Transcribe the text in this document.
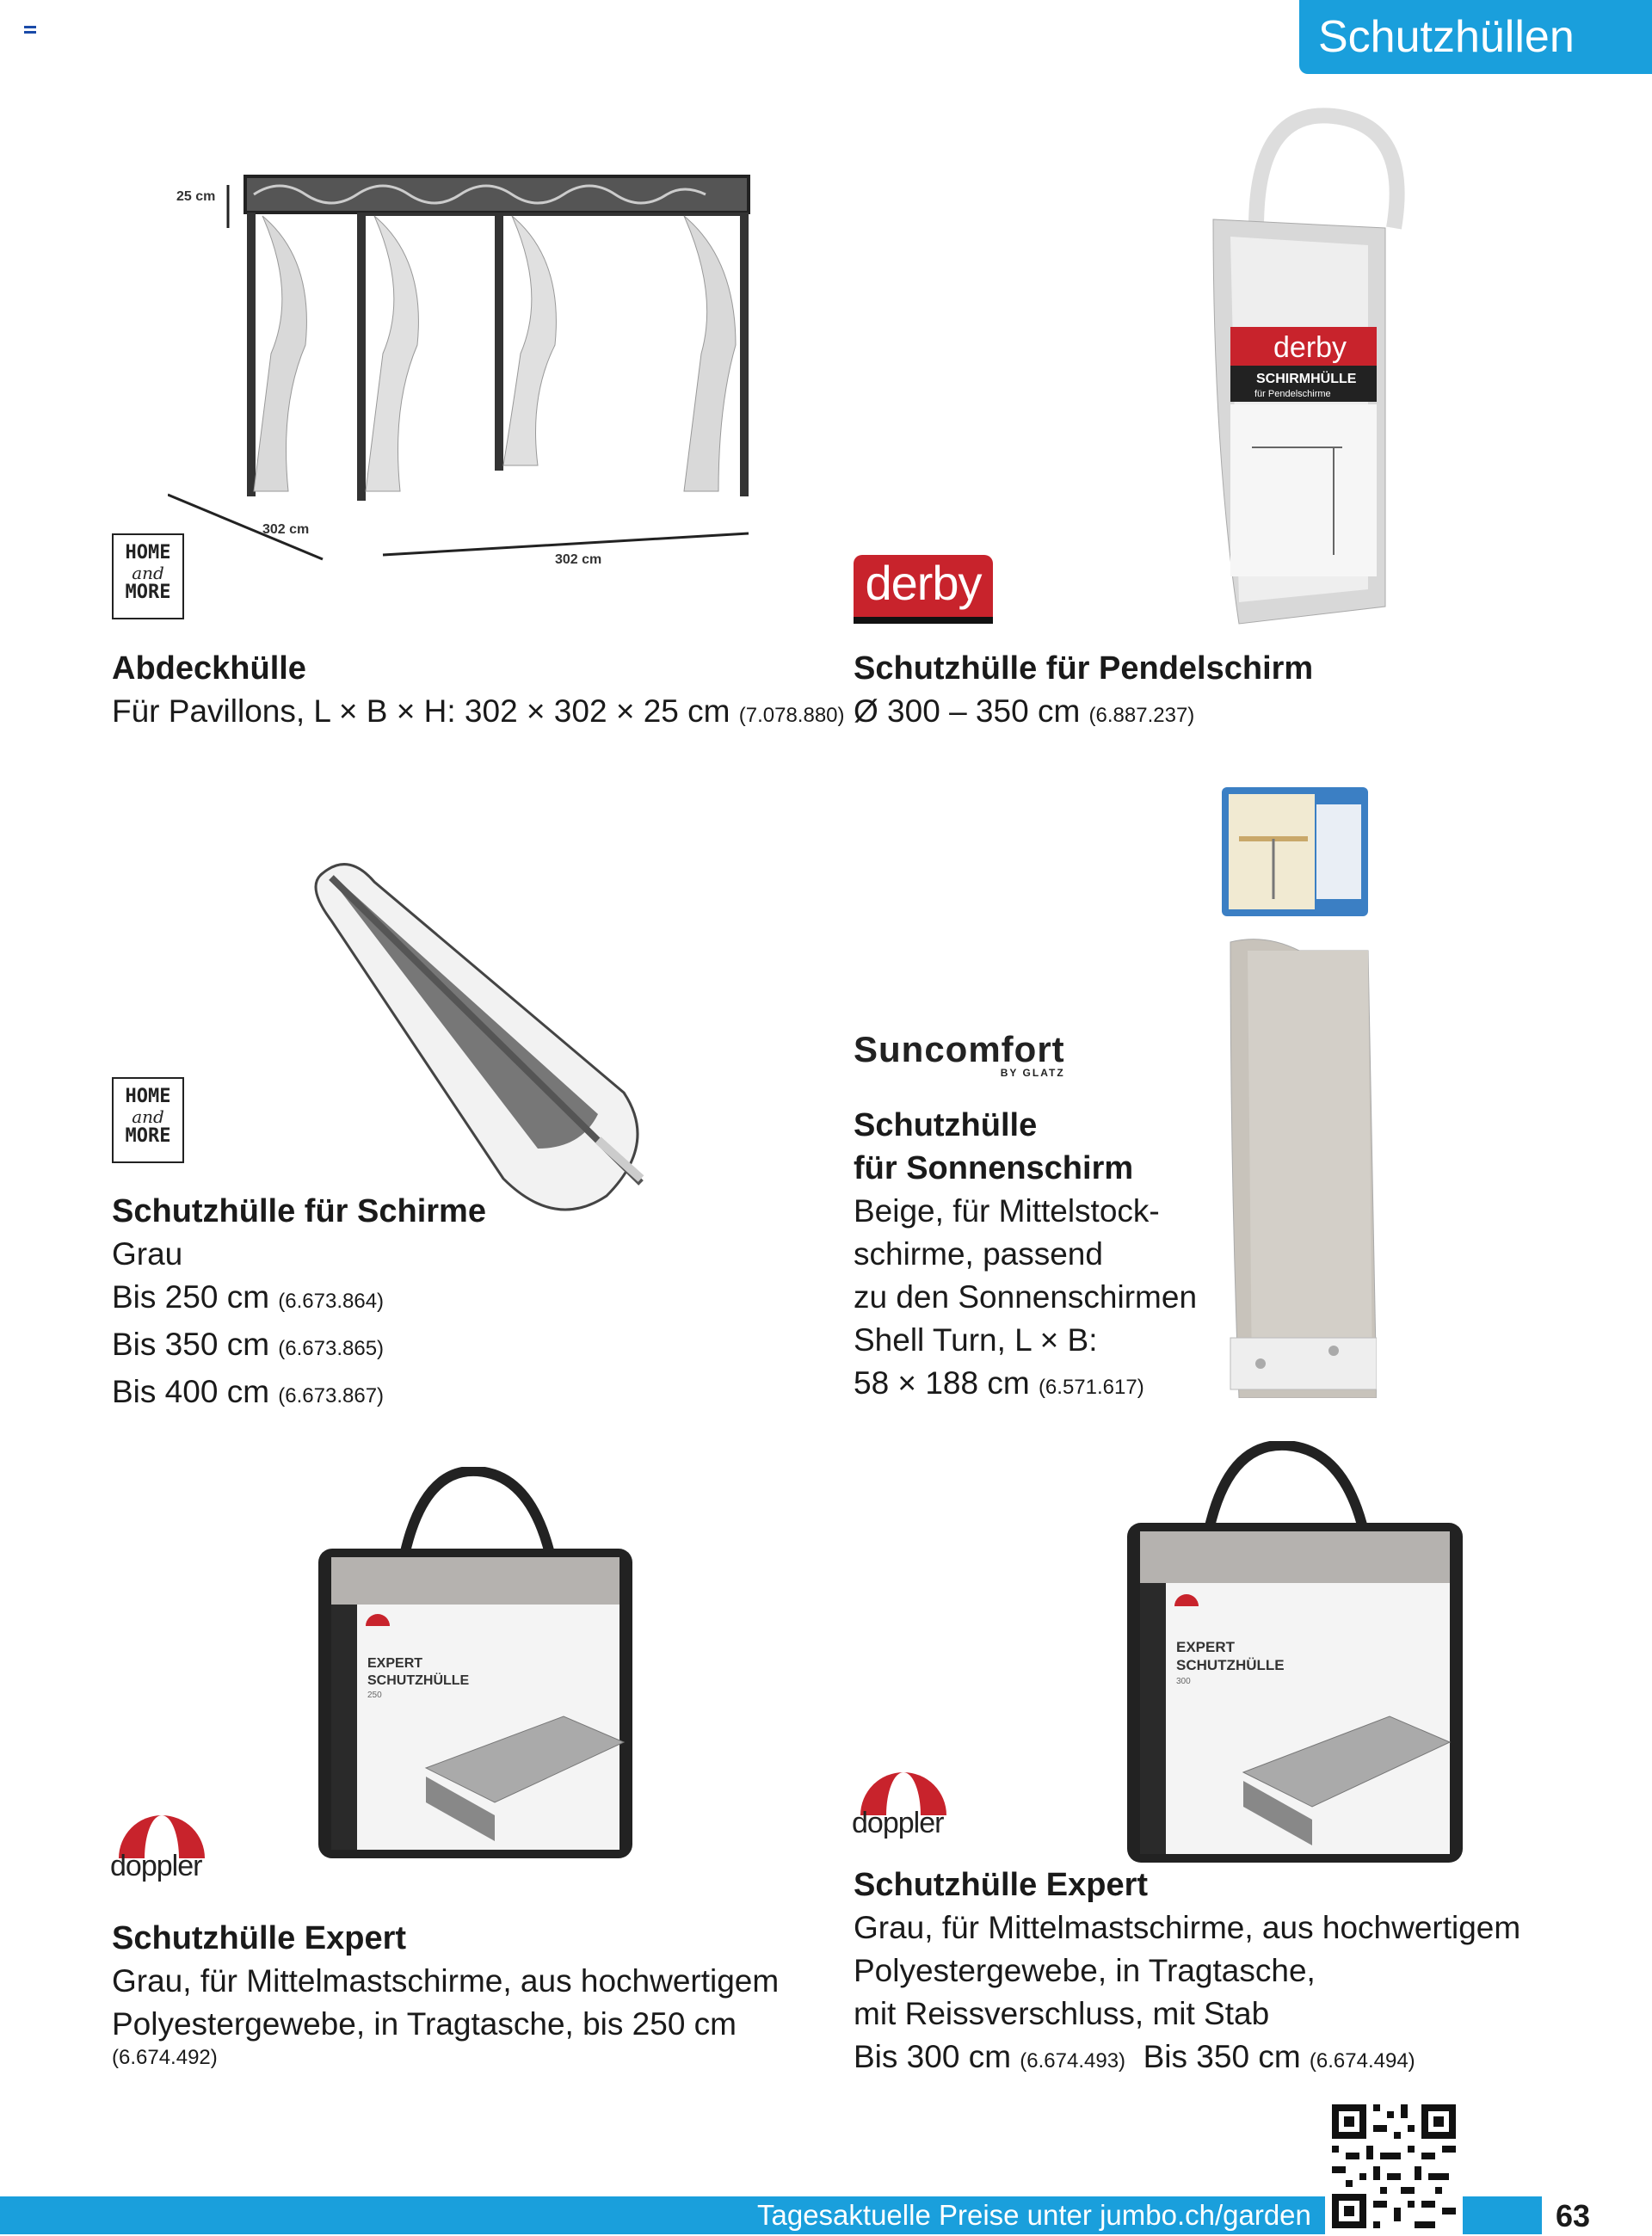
Schutzhüllen
25 cm
302 cm
302 cm
HOME
and
MORE
Abdeckhülle
Für Pavillons, L × B × H: 302 × 302 × 25 cm (7.078.880)
derby
SCHIRMHÜLLE
für Pendelschirme
derby
Schutzhülle für Pendelschirm
Ø 300 – 350 cm (6.887.237)
HOME
and
MORE
Schutzhülle für Schirme
Grau
Bis 250 cm (6.673.864)
Bis 350 cm (6.673.865)
Bis 400 cm (6.673.867)
Suncomfort
BY GLATZ
Schutzhülle
für Sonnenschirm
Beige, für Mittelstock-
schirme, passend
zu den Sonnenschirmen
Shell Turn, L × B:
58 × 188 cm (6.571.617)
EXPERT
SCHUTZHÜLLE
250
doppler
Schutzhülle Expert
Grau, für Mittelmastschirme, aus hochwertigem
Polyestergewebe, in Tragtasche, bis 250 cm
(6.674.492)
EXPERT
SCHUTZHÜLLE
300
doppler
Schutzhülle Expert
Grau, für Mittelmastschirme, aus hochwertigem
Polyestergewebe, in Tragtasche,
mit Reissverschluss, mit Stab
Bis 300 cm (6.674.493) Bis 350 cm (6.674.494)
Tagesaktuelle Preise unter jumbo.ch/garden	63
